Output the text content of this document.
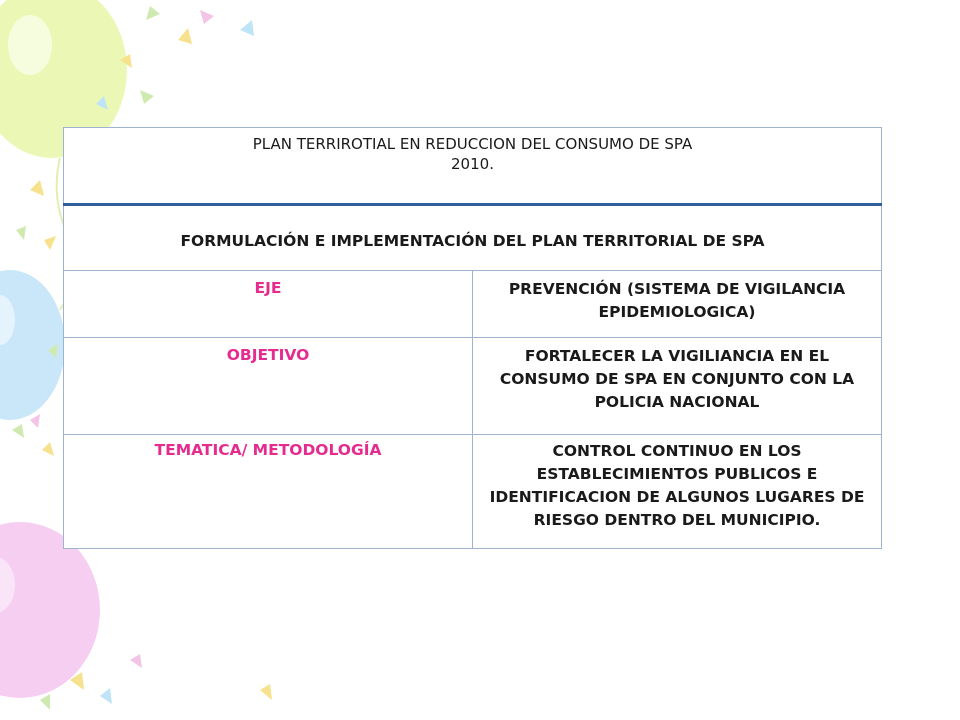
PLAN TERRIROTIAL EN REDUCCION DEL CONSUMO DE SPA
2010.	

FORMULACIÓN E IMPLEMENTACIÓN DEL PLAN TERRITORIAL DE SPA	
EJE	PREVENCIÓN (SISTEMA DE VIGILANCIA EPIDEMIOLOGICA)
OBJETIVO	FORTALECER LA VIGILIANCIA EN EL CONSUMO DE SPA EN CONJUNTO CON LA POLICIA NACIONAL
TEMATICA/ METODOLOGÍA	CONTROL CONTINUO EN LOS ESTABLECIMIENTOS PUBLICOS E IDENTIFICACION DE ALGUNOS LUGARES DE RIESGO DENTRO DEL MUNICIPIO.
